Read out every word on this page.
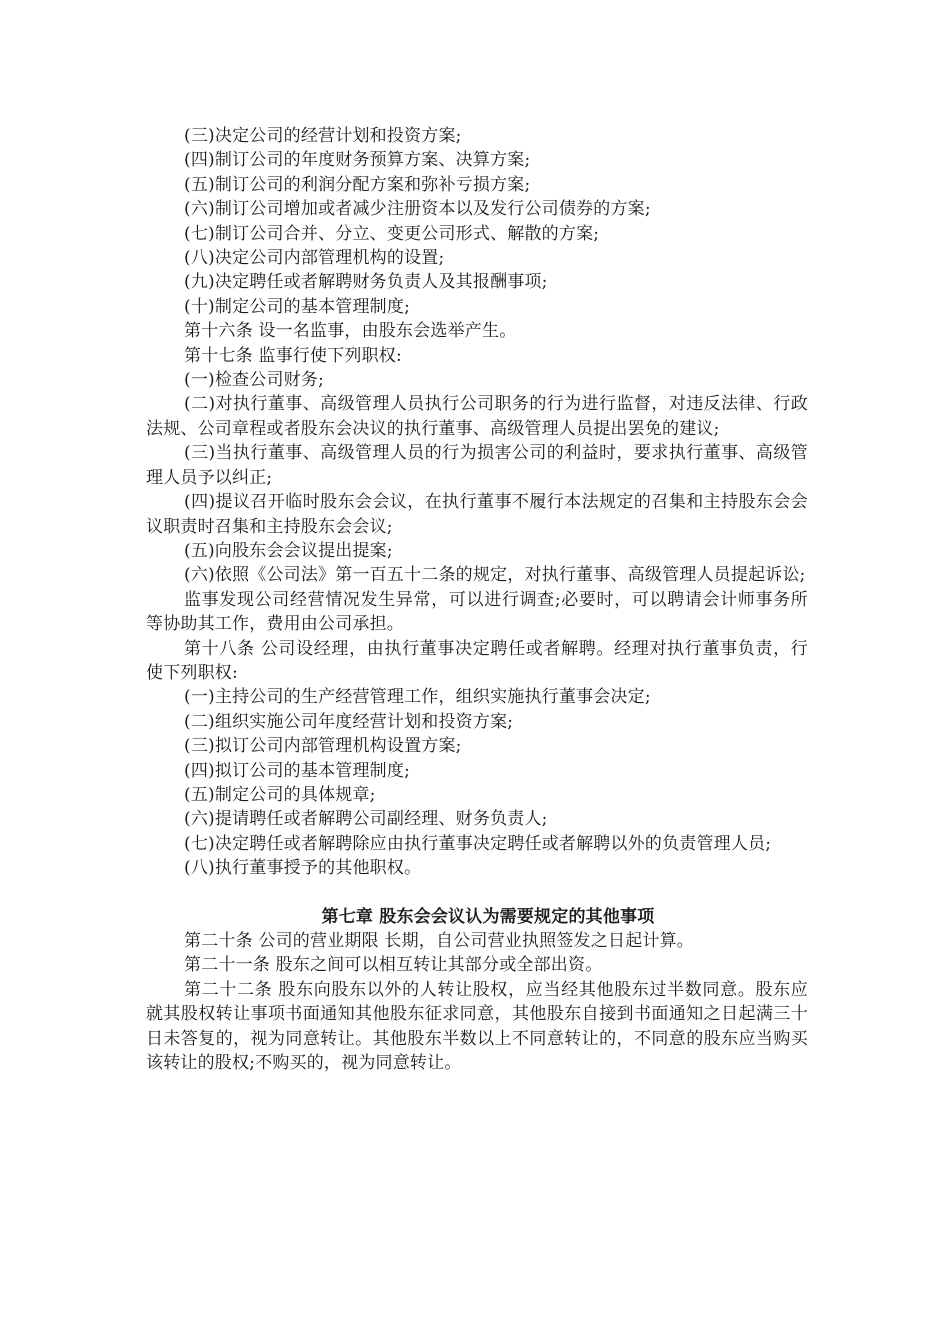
(三)决定公司的经营计划和投资方案;

(四)制订公司的年度财务预算方案、决算方案;

(五)制订公司的利润分配方案和弥补亏损方案;

(六)制订公司增加或者减少注册资本以及发行公司债券的方案;

(七)制订公司合并、分立、变更公司形式、解散的方案;

(八)决定公司内部管理机构的设置;

(九)决定聘任或者解聘财务负责人及其报酬事项;

(十)制定公司的基本管理制度;

第十六条 设一名监事，由股东会选举产生。

第十七条 监事行使下列职权:

(一)检查公司财务;

(二)对执行董事、高级管理人员执行公司职务的行为进行监督，对违反法律、行政法规、公司章程或者股东会决议的执行董事、高级管理人员提出罢免的建议;

(三)当执行董事、高级管理人员的行为损害公司的利益时，要求执行董事、高级管理人员予以纠正;

(四)提议召开临时股东会会议，在执行董事不履行本法规定的召集和主持股东会会议职责时召集和主持股东会会议;

(五)向股东会会议提出提案;

(六)依照《公司法》第一百五十二条的规定，对执行董事、高级管理人员提起诉讼;

监事发现公司经营情况发生异常，可以进行调查;必要时，可以聘请会计师事务所等协助其工作，费用由公司承担。

第十八条 公司设经理，由执行董事决定聘任或者解聘。经理对执行董事负责，行使下列职权:

(一)主持公司的生产经营管理工作，组织实施执行董事会决定;

(二)组织实施公司年度经营计划和投资方案;

(三)拟订公司内部管理机构设置方案;

(四)拟订公司的基本管理制度;

(五)制定公司的具体规章;

(六)提请聘任或者解聘公司副经理、财务负责人;

(七)决定聘任或者解聘除应由执行董事决定聘任或者解聘以外的负责管理人员;

(八)执行董事授予的其他职权。

第七章 股东会会议认为需要规定的其他事项

第二十条 公司的营业期限 长期，自公司营业执照签发之日起计算。

第二十一条 股东之间可以相互转让其部分或全部出资。

第二十二条 股东向股东以外的人转让股权，应当经其他股东过半数同意。股东应就其股权转让事项书面通知其他股东征求同意，其他股东自接到书面通知之日起满三十日未答复的，视为同意转让。其他股东半数以上不同意转让的，不同意的股东应当购买该转让的股权;不购买的，视为同意转让。
